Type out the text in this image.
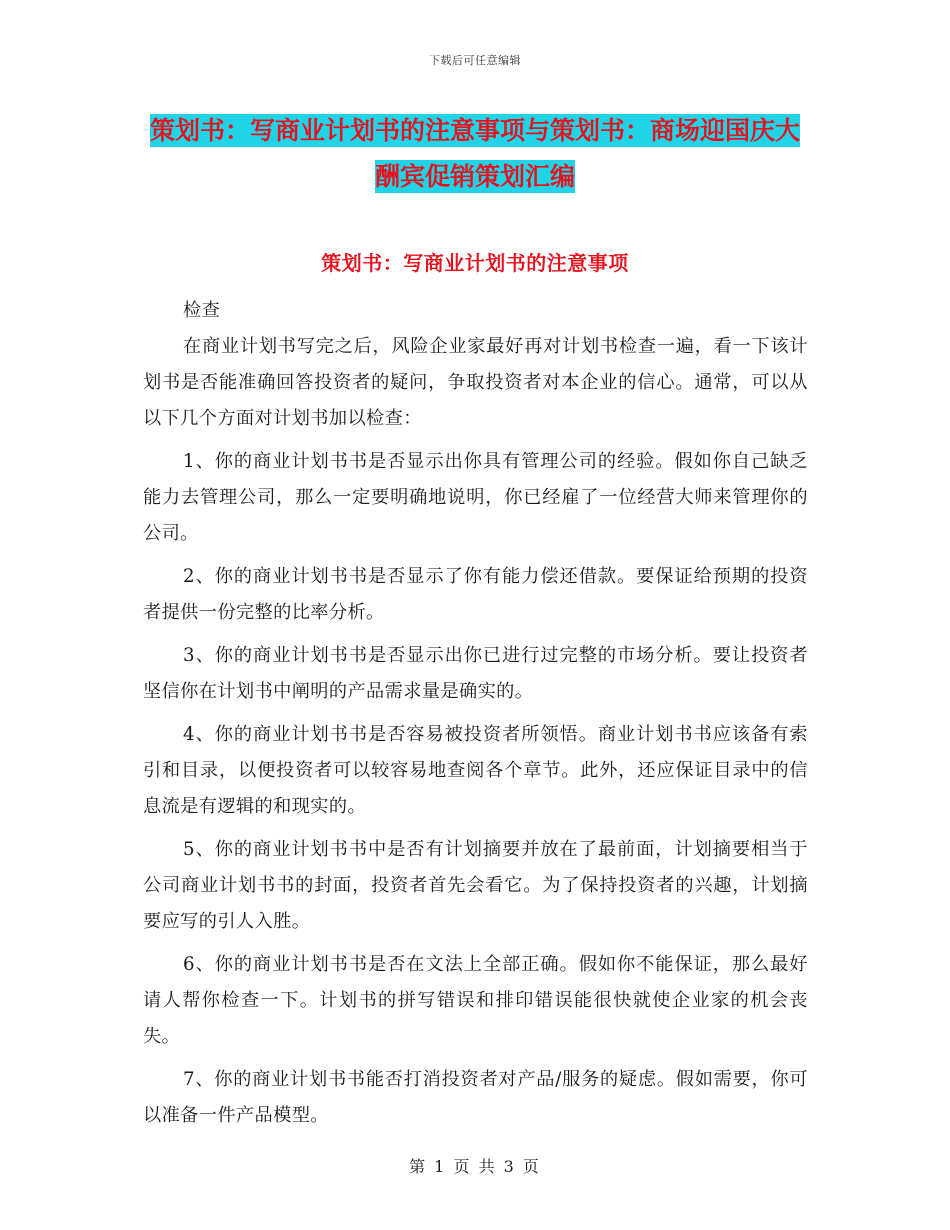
下载后可任意编辑
策划书：写商业计划书的注意事项与策划书：商场迎国庆大酬宾促销策划汇编
策划书：写商业计划书的注意事项

检查

在商业计划书写完之后，风险企业家最好再对计划书检查一遍，看一下该计划书是否能准确回答投资者的疑问，争取投资者对本企业的信心。通常，可以从以下几个方面对计划书加以检查：

1、你的商业计划书书是否显示出你具有管理公司的经验。假如你自己缺乏能力去管理公司，那么一定要明确地说明，你已经雇了一位经营大师来管理你的公司。

2、你的商业计划书书是否显示了你有能力偿还借款。要保证给预期的投资者提供一份完整的比率分析。

3、你的商业计划书书是否显示出你已进行过完整的市场分析。要让投资者坚信你在计划书中阐明的产品需求量是确实的。

4、你的商业计划书书是否容易被投资者所领悟。商业计划书书应该备有索引和目录，以便投资者可以较容易地查阅各个章节。此外，还应保证目录中的信息流是有逻辑的和现实的。

5、你的商业计划书书中是否有计划摘要并放在了最前面，计划摘要相当于公司商业计划书书的封面，投资者首先会看它。为了保持投资者的兴趣，计划摘要应写的引人入胜。

6、你的商业计划书书是否在文法上全部正确。假如你不能保证，那么最好请人帮你检查一下。计划书的拼写错误和排印错误能很快就使企业家的机会丧失。

7、你的商业计划书书能否打消投资者对产品/服务的疑虑。假如需要，你可以准备一件产品模型。

第 1 页 共 3 页
